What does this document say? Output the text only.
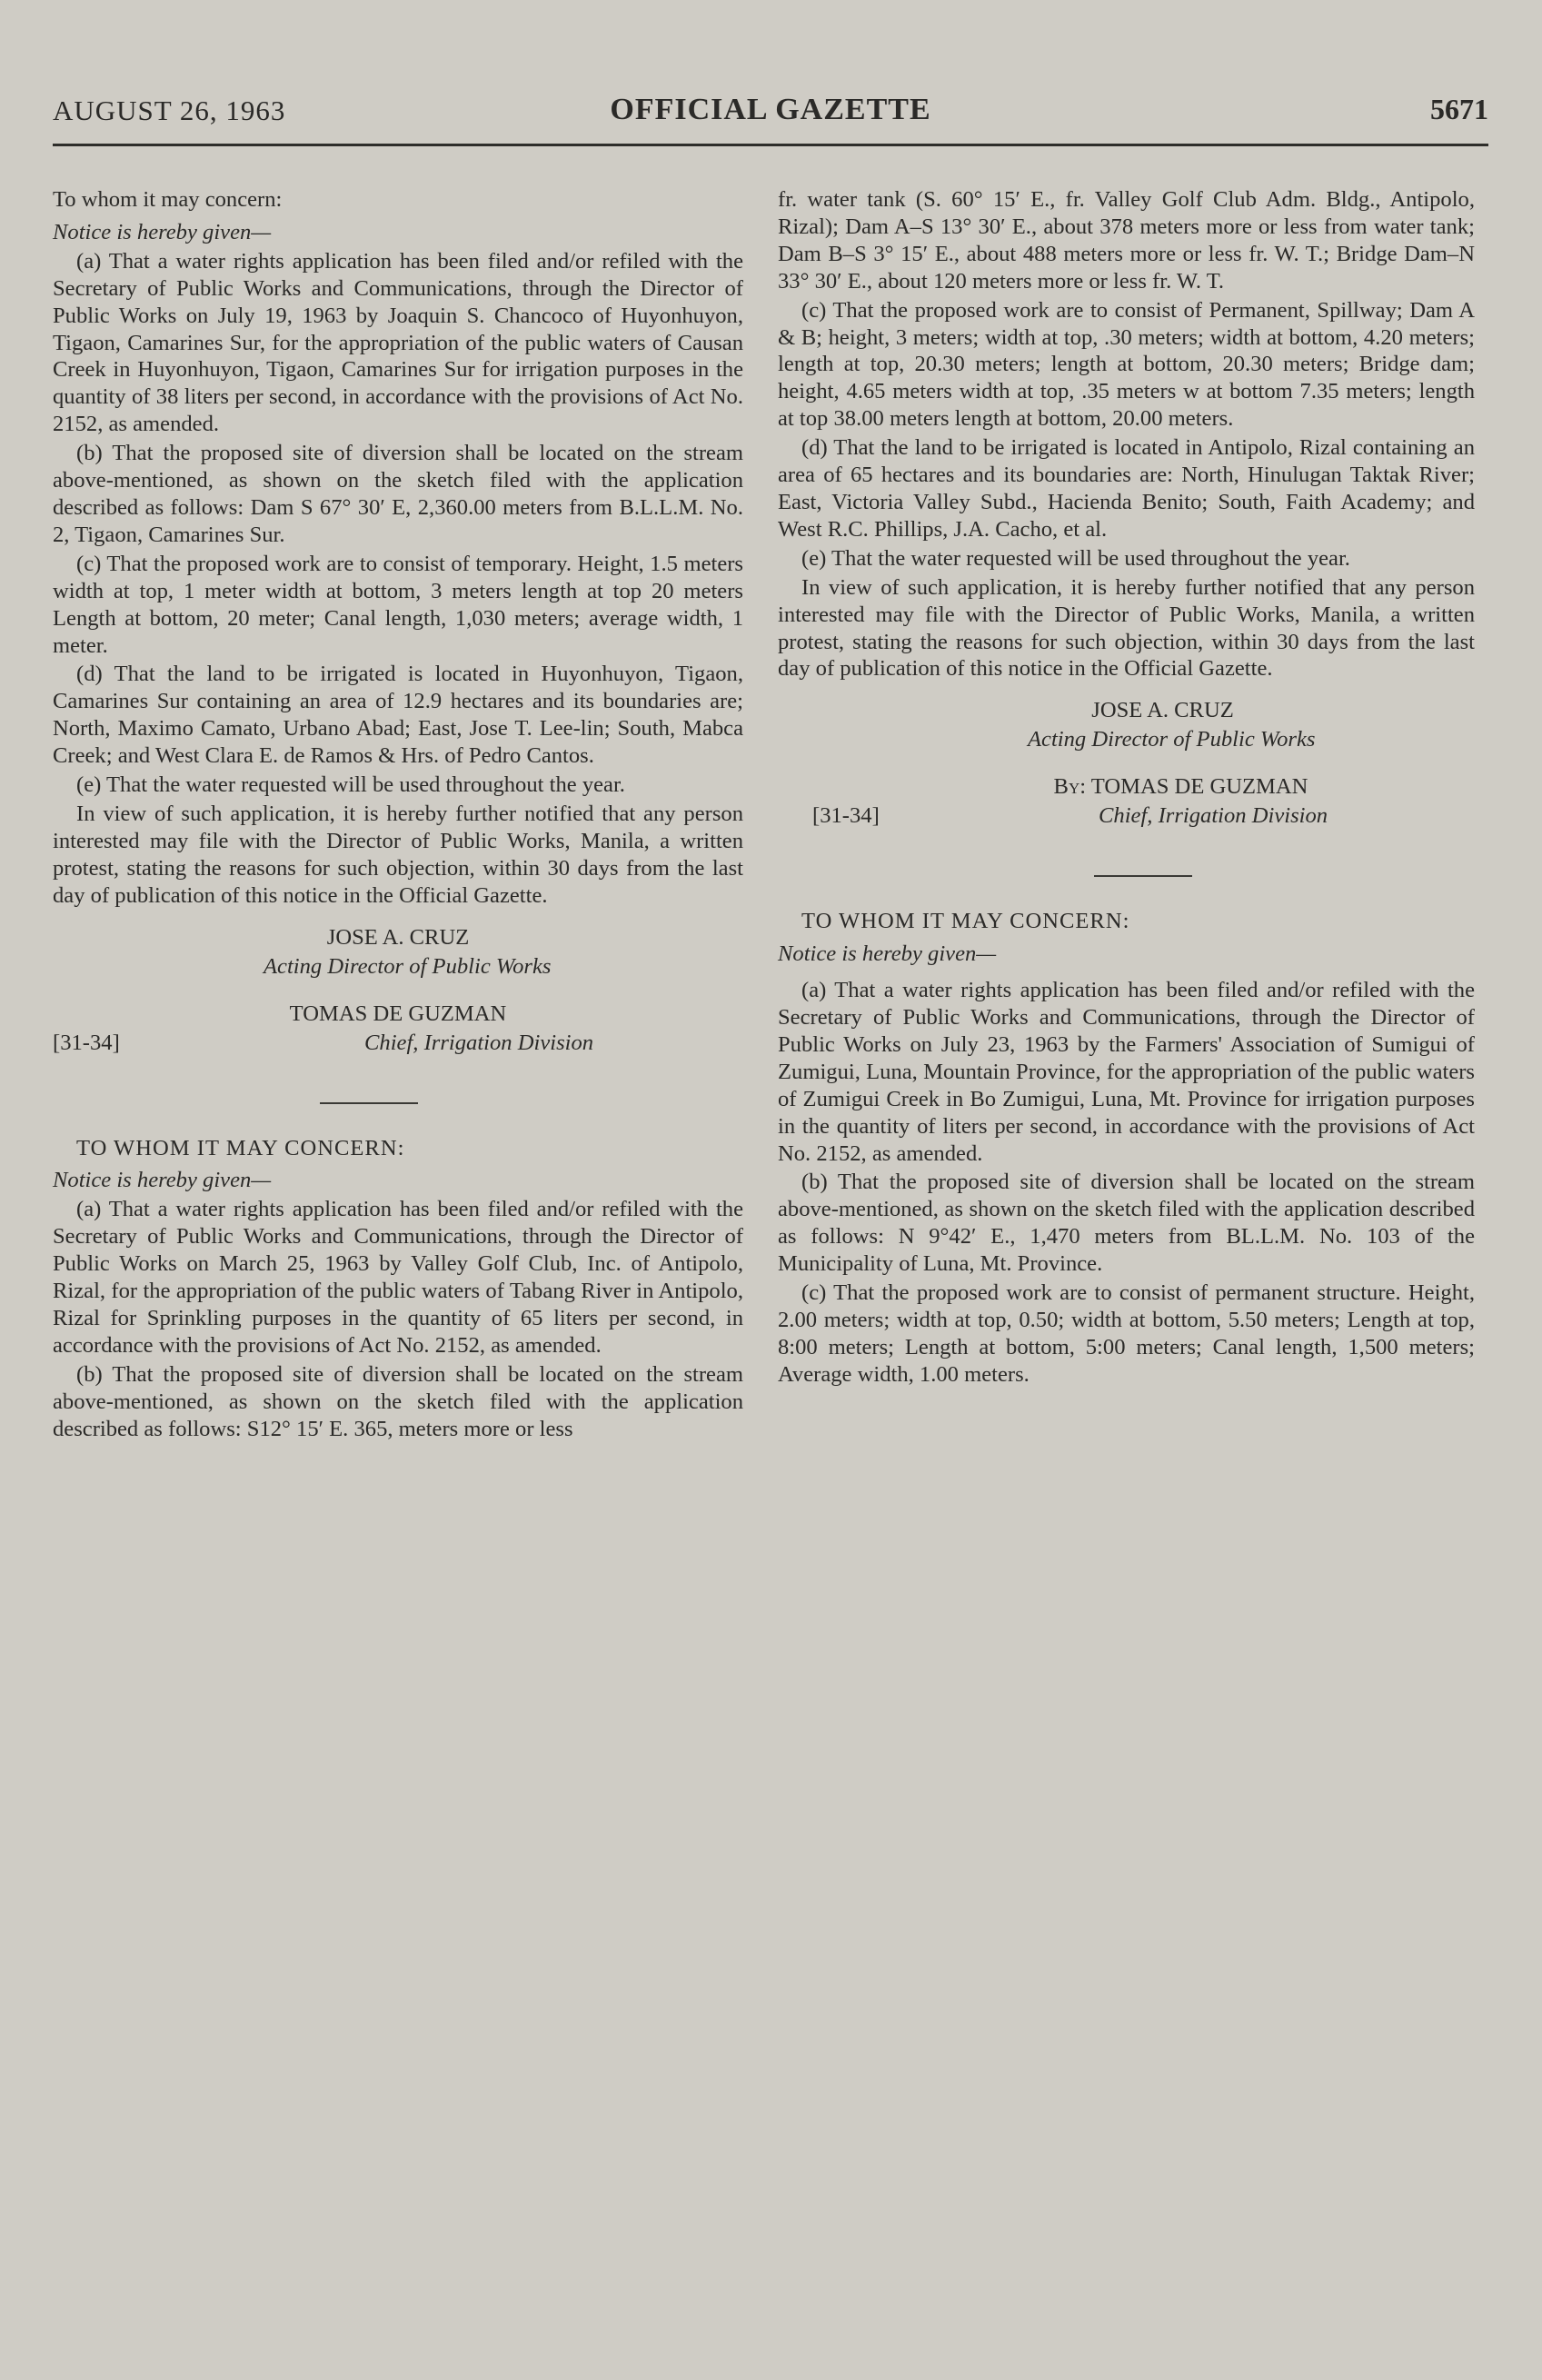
AUGUST 26, 1963	OFFICIAL GAZETTE	5671

To whom it may concern:

Notice is hereby given—

(a) That a water rights application has been filed and/or refiled with the Secretary of Public Works and Communications, through the Director of Public Works on July 19, 1963 by Joaquin S. Chancoco of Huyonhuyon, Tigaon, Camarines Sur, for the appropriation of the public waters of Causan Creek in Huyonhuyon, Tigaon, Camarines Sur for irrigation purposes in the quantity of 38 liters per second, in accordance with the provisions of Act No. 2152, as amended.

(b) That the proposed site of diversion shall be located on the stream above-mentioned, as shown on the sketch filed with the application described as follows: Dam S 67° 30′ E, 2,360.00 meters from B.L.L.M. No. 2, Tigaon, Camarines Sur.

(c) That the proposed work are to consist of temporary. Height, 1.5 meters width at top, 1 meter width at bottom, 3 meters length at top 20 meters Length at bottom, 20 meter; Canal length, 1,030 meters; average width, 1 meter.

(d) That the land to be irrigated is located in Huyonhuyon, Tigaon, Camarines Sur containing an area of 12.9 hectares and its boundaries are; North, Maximo Camato, Urbano Abad; East, Jose T. Lee-lin; South, Mabca Creek; and West Clara E. de Ramos & Hrs. of Pedro Cantos.

(e) That the water requested will be used throughout the year.

In view of such application, it is hereby further notified that any person interested may file with the Director of Public Works, Manila, a written protest, stating the reasons for such objection, within 30 days from the last day of publication of this notice in the Official Gazette.

JOSE A. CRUZ
Acting Director of Public Works
TOMAS DE GUZMAN
[31-34]	Chief, Irrigation Division

TO WHOM IT MAY CONCERN:

Notice is hereby given—

(a) That a water rights application has been filed and/or refiled with the Secretary of Public Works and Communications, through the Director of Public Works on March 25, 1963 by Valley Golf Club, Inc. of Antipolo, Rizal, for the appropriation of the public waters of Tabang River in Antipolo, Rizal for Sprinkling purposes in the quantity of 65 liters per second, in accordance with the provisions of Act No. 2152, as amended.

(b) That the proposed site of diversion shall be located on the stream above-mentioned, as shown on the sketch filed with the application described as follows: S12° 15′ E. 365, meters more or less

fr. water tank (S. 60° 15′ E., fr. Valley Golf Club Adm. Bldg., Antipolo, Rizal); Dam A–S 13° 30′ E., about 378 meters more or less from water tank; Dam B–S 3° 15′ E., about 488 meters more or less fr. W. T.; Bridge Dam–N 33° 30′ E., about 120 meters more or less fr. W. T.

(c) That the proposed work are to consist of Permanent, Spillway; Dam A & B; height, 3 meters; width at top, .30 meters; width at bottom, 4.20 meters; length at top, 20.30 meters; length at bottom, 20.30 meters; Bridge dam; height, 4.65 meters width at top, .35 meters w at bottom 7.35 meters; length at top 38.00 meters length at bottom, 20.00 meters.

(d) That the land to be irrigated is located in Antipolo, Rizal containing an area of 65 hectares and its boundaries are: North, Hinulugan Taktak River; East, Victoria Valley Subd., Hacienda Benito; South, Faith Academy; and West R.C. Phillips, J.A. Cacho, et al.

(e) That the water requested will be used throughout the year.

In view of such application, it is hereby further notified that any person interested may file with the Director of Public Works, Manila, a written protest, stating the reasons for such objection, within 30 days from the last day of publication of this notice in the Official Gazette.

JOSE A. CRUZ
Acting Director of Public Works
By: TOMAS DE GUZMAN
[31-34]	Chief, Irrigation Division

TO WHOM IT MAY CONCERN:

Notice is hereby given—

(a) That a water rights application has been filed and/or refiled with the Secretary of Public Works and Communications, through the Director of Public Works on July 23, 1963 by the Farmers' Association of Sumigui of Zumigui, Luna, Mountain Province, for the appropriation of the public waters of Zumigui Creek in Bo Zumigui, Luna, Mt. Province for irrigation purposes in the quantity of liters per second, in accordance with the provisions of Act No. 2152, as amended.

(b) That the proposed site of diversion shall be located on the stream above-mentioned, as shown on the sketch filed with the application described as follows: N 9°42′ E., 1,470 meters from BL.L.M. No. 103 of the Municipality of Luna, Mt. Province.

(c) That the proposed work are to consist of permanent structure. Height, 2.00 meters; width at top, 0.50; width at bottom, 5.50 meters; Length at top, 8:00 meters; Length at bottom, 5:00 meters; Canal length, 1,500 meters; Average width, 1.00 meters.
